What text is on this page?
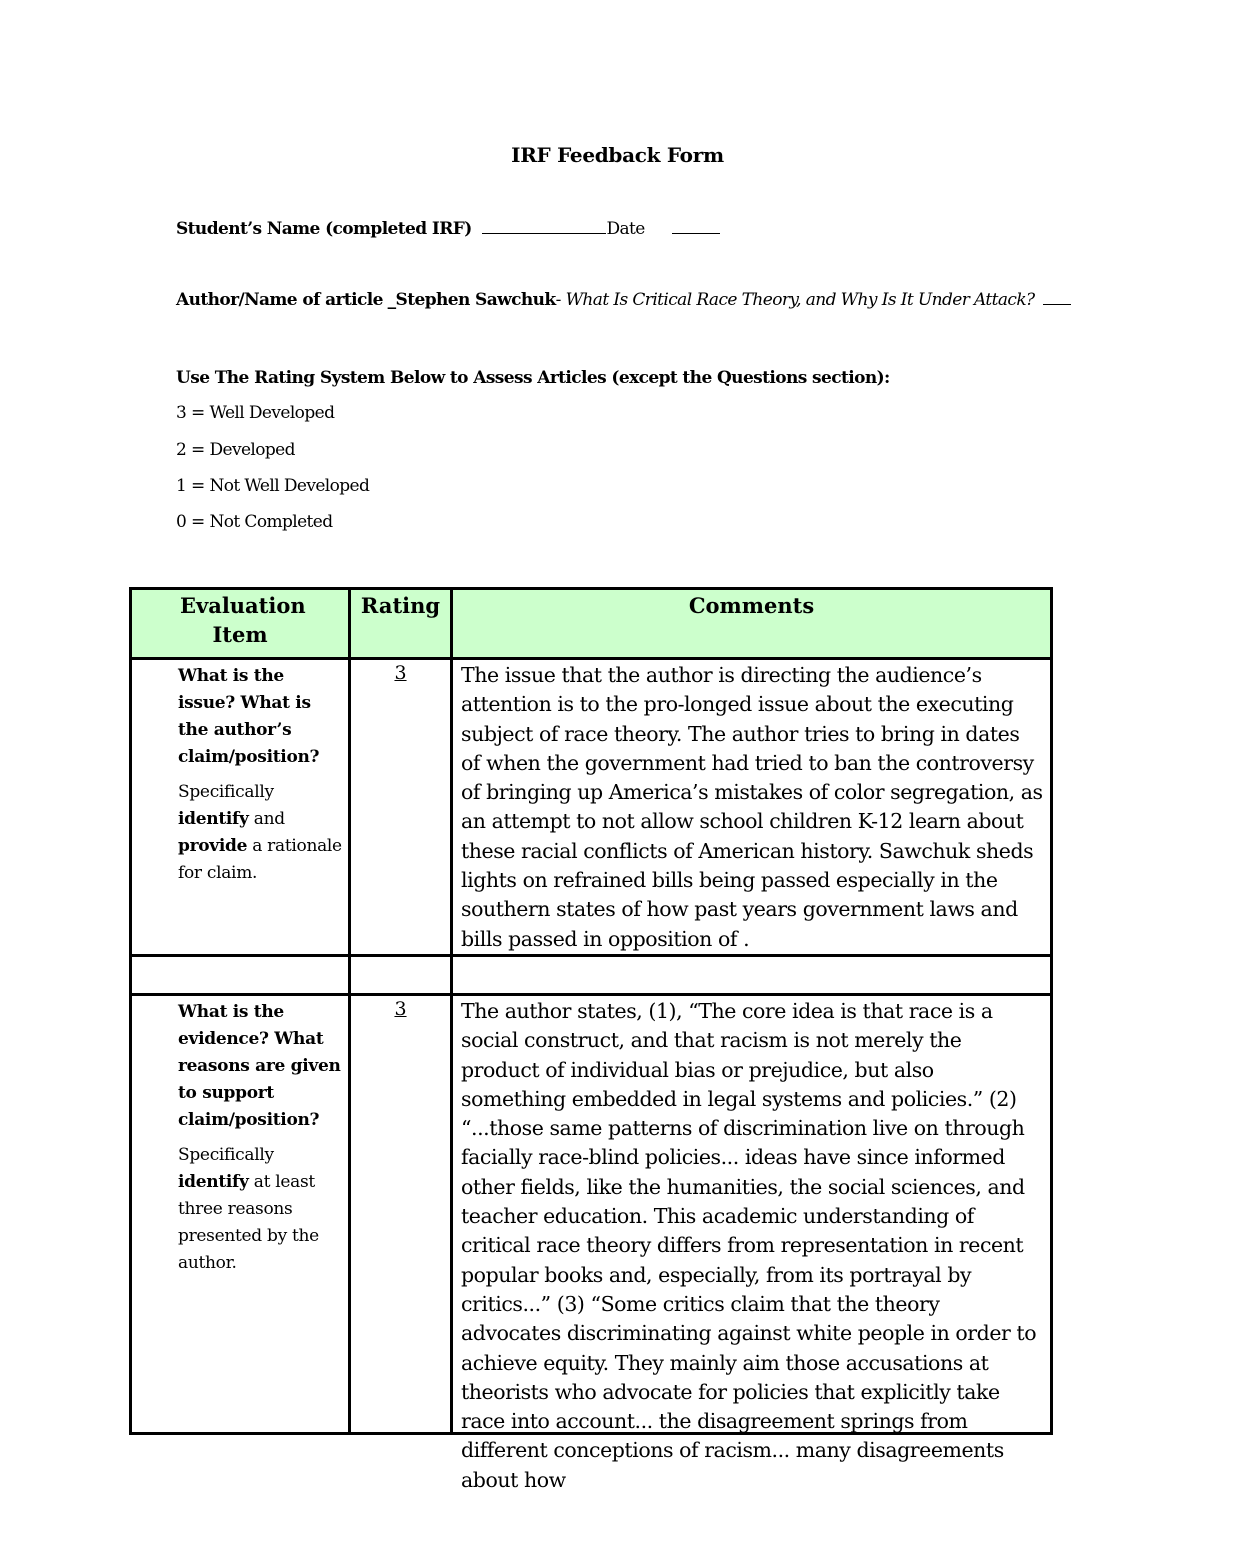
IRF Feedback Form
Student’s Name (completed IRF)	Date
Author/Name of article _Stephen Sawchuk- What Is Critical Race Theory, and Why Is It Under Attack?
Use The Rating System Below to Assess Articles (except the Questions section):
3 = Well Developed
2 = Developed
1 = Not Well Developed
0 = Not Completed
Evaluation Item	Rating	Comments

What is the issue? What is the author’s claim/position?
Specifically identify and provide a rationale for claim.	3	The issue that the author is directing the audience’s attention is to the pro-longed issue about the executing subject of race theory. The author tries to bring in dates of when the government had tried to ban the controversy of bringing up America’s mistakes of color segregation, as an attempt to not allow school children K-12 learn about these racial conflicts of American history. Sawchuk sheds lights on refrained bills being passed especially in the southern states of how past years government laws and bills passed in opposition of .

What is the evidence? What reasons are given to support claim/position?
Specifically identify at least three reasons presented by the author.	3	The author states, (1), “The core idea is that race is a social construct, and that racism is not merely the product of individual bias or prejudice, but also something embedded in legal systems and policies.” (2) “...those same patterns of discrimination live on through facially race-blind policies... ideas have since informed other fields, like the humanities, the social sciences, and teacher education. This academic understanding of critical race theory differs from representation in recent popular books and, especially, from its portrayal by critics...” (3) “Some critics claim that the theory advocates discriminating against white people in order to achieve equity. They mainly aim those accusations at theorists who advocate for policies that explicitly take race into account... the disagreement springs from different conceptions of racism... many disagreements about how
